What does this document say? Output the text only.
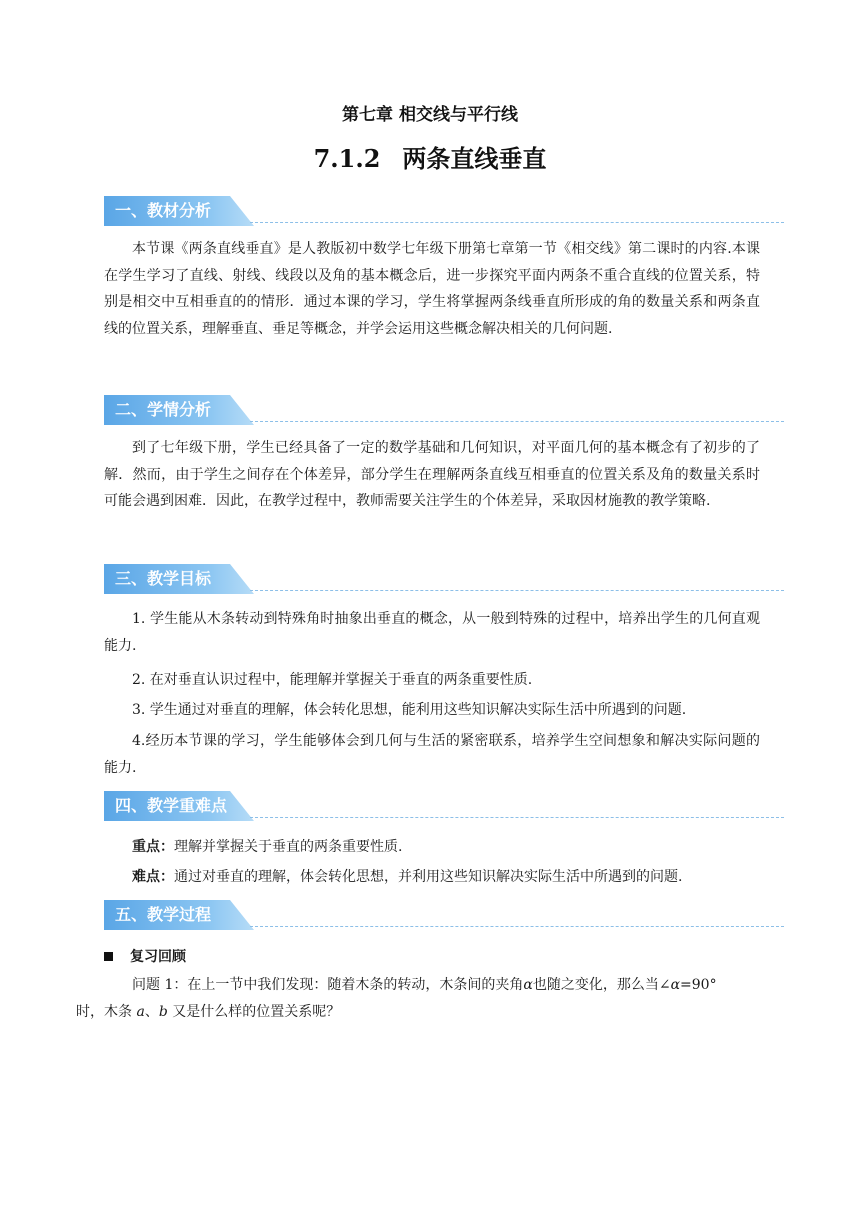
第七章 相交线与平行线
7.1.2 两条直线垂直
一、教材分析

本节课《两条直线垂直》是人教版初中数学七年级下册第七章第一节《相交线》第二课时的内容.本课在学生学习了直线、射线、线段以及角的基本概念后，进一步探究平面内两条不重合直线的位置关系，特别是相交中互相垂直的的情形．通过本课的学习，学生将掌握两条线垂直所形成的角的数量关系和两条直线的位置关系，理解垂直、垂足等概念，并学会运用这些概念解决相关的几何问题.

二、学情分析

到了七年级下册，学生已经具备了一定的数学基础和几何知识，对平面几何的基本概念有了初步的了解．然而，由于学生之间存在个体差异，部分学生在理解两条直线互相垂直的位置关系及角的数量关系时可能会遇到困难．因此，在教学过程中，教师需要关注学生的个体差异，采取因材施教的教学策略.

三、教学目标

1. 学生能从木条转动到特殊角时抽象出垂直的概念，从一般到特殊的过程中，培养出学生的几何直观能力.

2. 在对垂直认识过程中，能理解并掌握关于垂直的两条重要性质.

3. 学生通过对垂直的理解，体会转化思想，能利用这些知识解决实际生活中所遇到的问题.

4.经历本节课的学习，学生能够体会到几何与生活的紧密联系，培养学生空间想象和解决实际问题的能力.

四、教学重难点

重点：理解并掌握关于垂直的两条重要性质.

难点：通过对垂直的理解，体会转化思想，并利用这些知识解决实际生活中所遇到的问题.

五、教学过程
复习回顾

问题 1：在上一节中我们发现：随着木条的转动，木条间的夹角α也随之变化，那么当∠α=90°
时，木条 a、b 又是什么样的位置关系呢？
